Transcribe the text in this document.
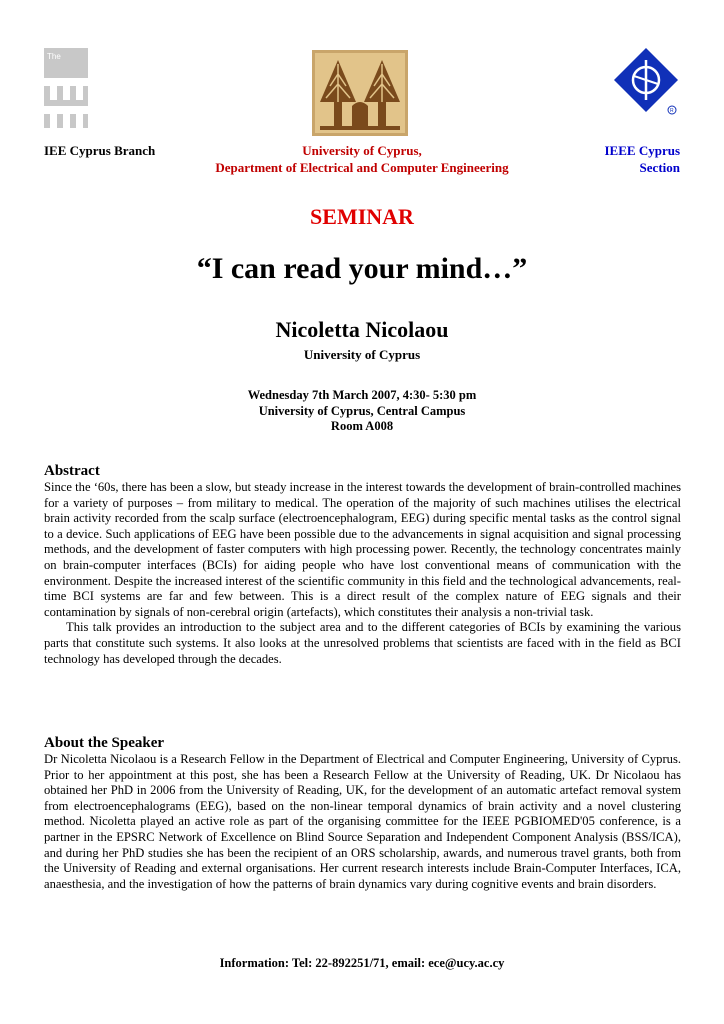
The
R
IEE Cyprus Branch	University of Cyprus,
Department of Electrical and Computer Engineering
IEEE Cyprus
Section
SEMINAR
“I can read your mind…”
Nicoletta Nicolaou
University of Cyprus
Wednesday 7th March 2007, 4:30- 5:30 pm
University of Cyprus, Central Campus
Room A008
Abstract

Since the ‘60s, there has been a slow, but steady increase in the interest towards the development of brain-controlled machines for a variety of purposes – from military to medical. The operation of the majority of such machines utilises the electrical brain activity recorded from the scalp surface (electroencephalogram, EEG) during specific mental tasks as the control signal to a device. Such applications of EEG have been possible due to the advancements in signal acquisition and signal processing methods, and the development of faster computers with high processing power. Recently, the technology concentrates mainly on brain-computer interfaces (BCIs) for aiding people who have lost conventional means of communication with the environment. Despite the increased interest of the scientific community in this field and the technological advancements, real-time BCI systems are far and few between. This is a direct result of the complex nature of EEG signals and their contamination by signals of non-cerebral origin (artefacts), which constitutes their analysis a non-trivial task.

This talk provides an introduction to the subject area and to the different categories of BCIs by examining the various parts that constitute such systems. It also looks at the unresolved problems that scientists are faced with in the field as BCI technology has developed through the decades.

About the Speaker

Dr Nicoletta Nicolaou is a Research Fellow in the Department of Electrical and Computer Engineering, University of Cyprus. Prior to her appointment at this post, she has been a Research Fellow at the University of Reading, UK. Dr Nicolaou has obtained her PhD in 2006 from the University of Reading, UK, for the development of an automatic artefact removal system from electroencephalograms (EEG), based on the non-linear temporal dynamics of brain activity and a novel clustering method. Nicoletta played an active role as part of the organising committee for the IEEE PGBIOMED'05 conference, is a partner in the EPSRC Network of Excellence on Blind Source Separation and Independent Component Analysis (BSS/ICA), and during her PhD studies she has been the recipient of an ORS scholarship, awards, and numerous travel grants, both from the University of Reading and external organisations. Her current research interests include Brain-Computer Interfaces, ICA, anaesthesia, and the investigation of how the patterns of brain dynamics vary during cognitive events and brain disorders.

Information: Tel: 22-892251/71, email: ece@ucy.ac.cy
